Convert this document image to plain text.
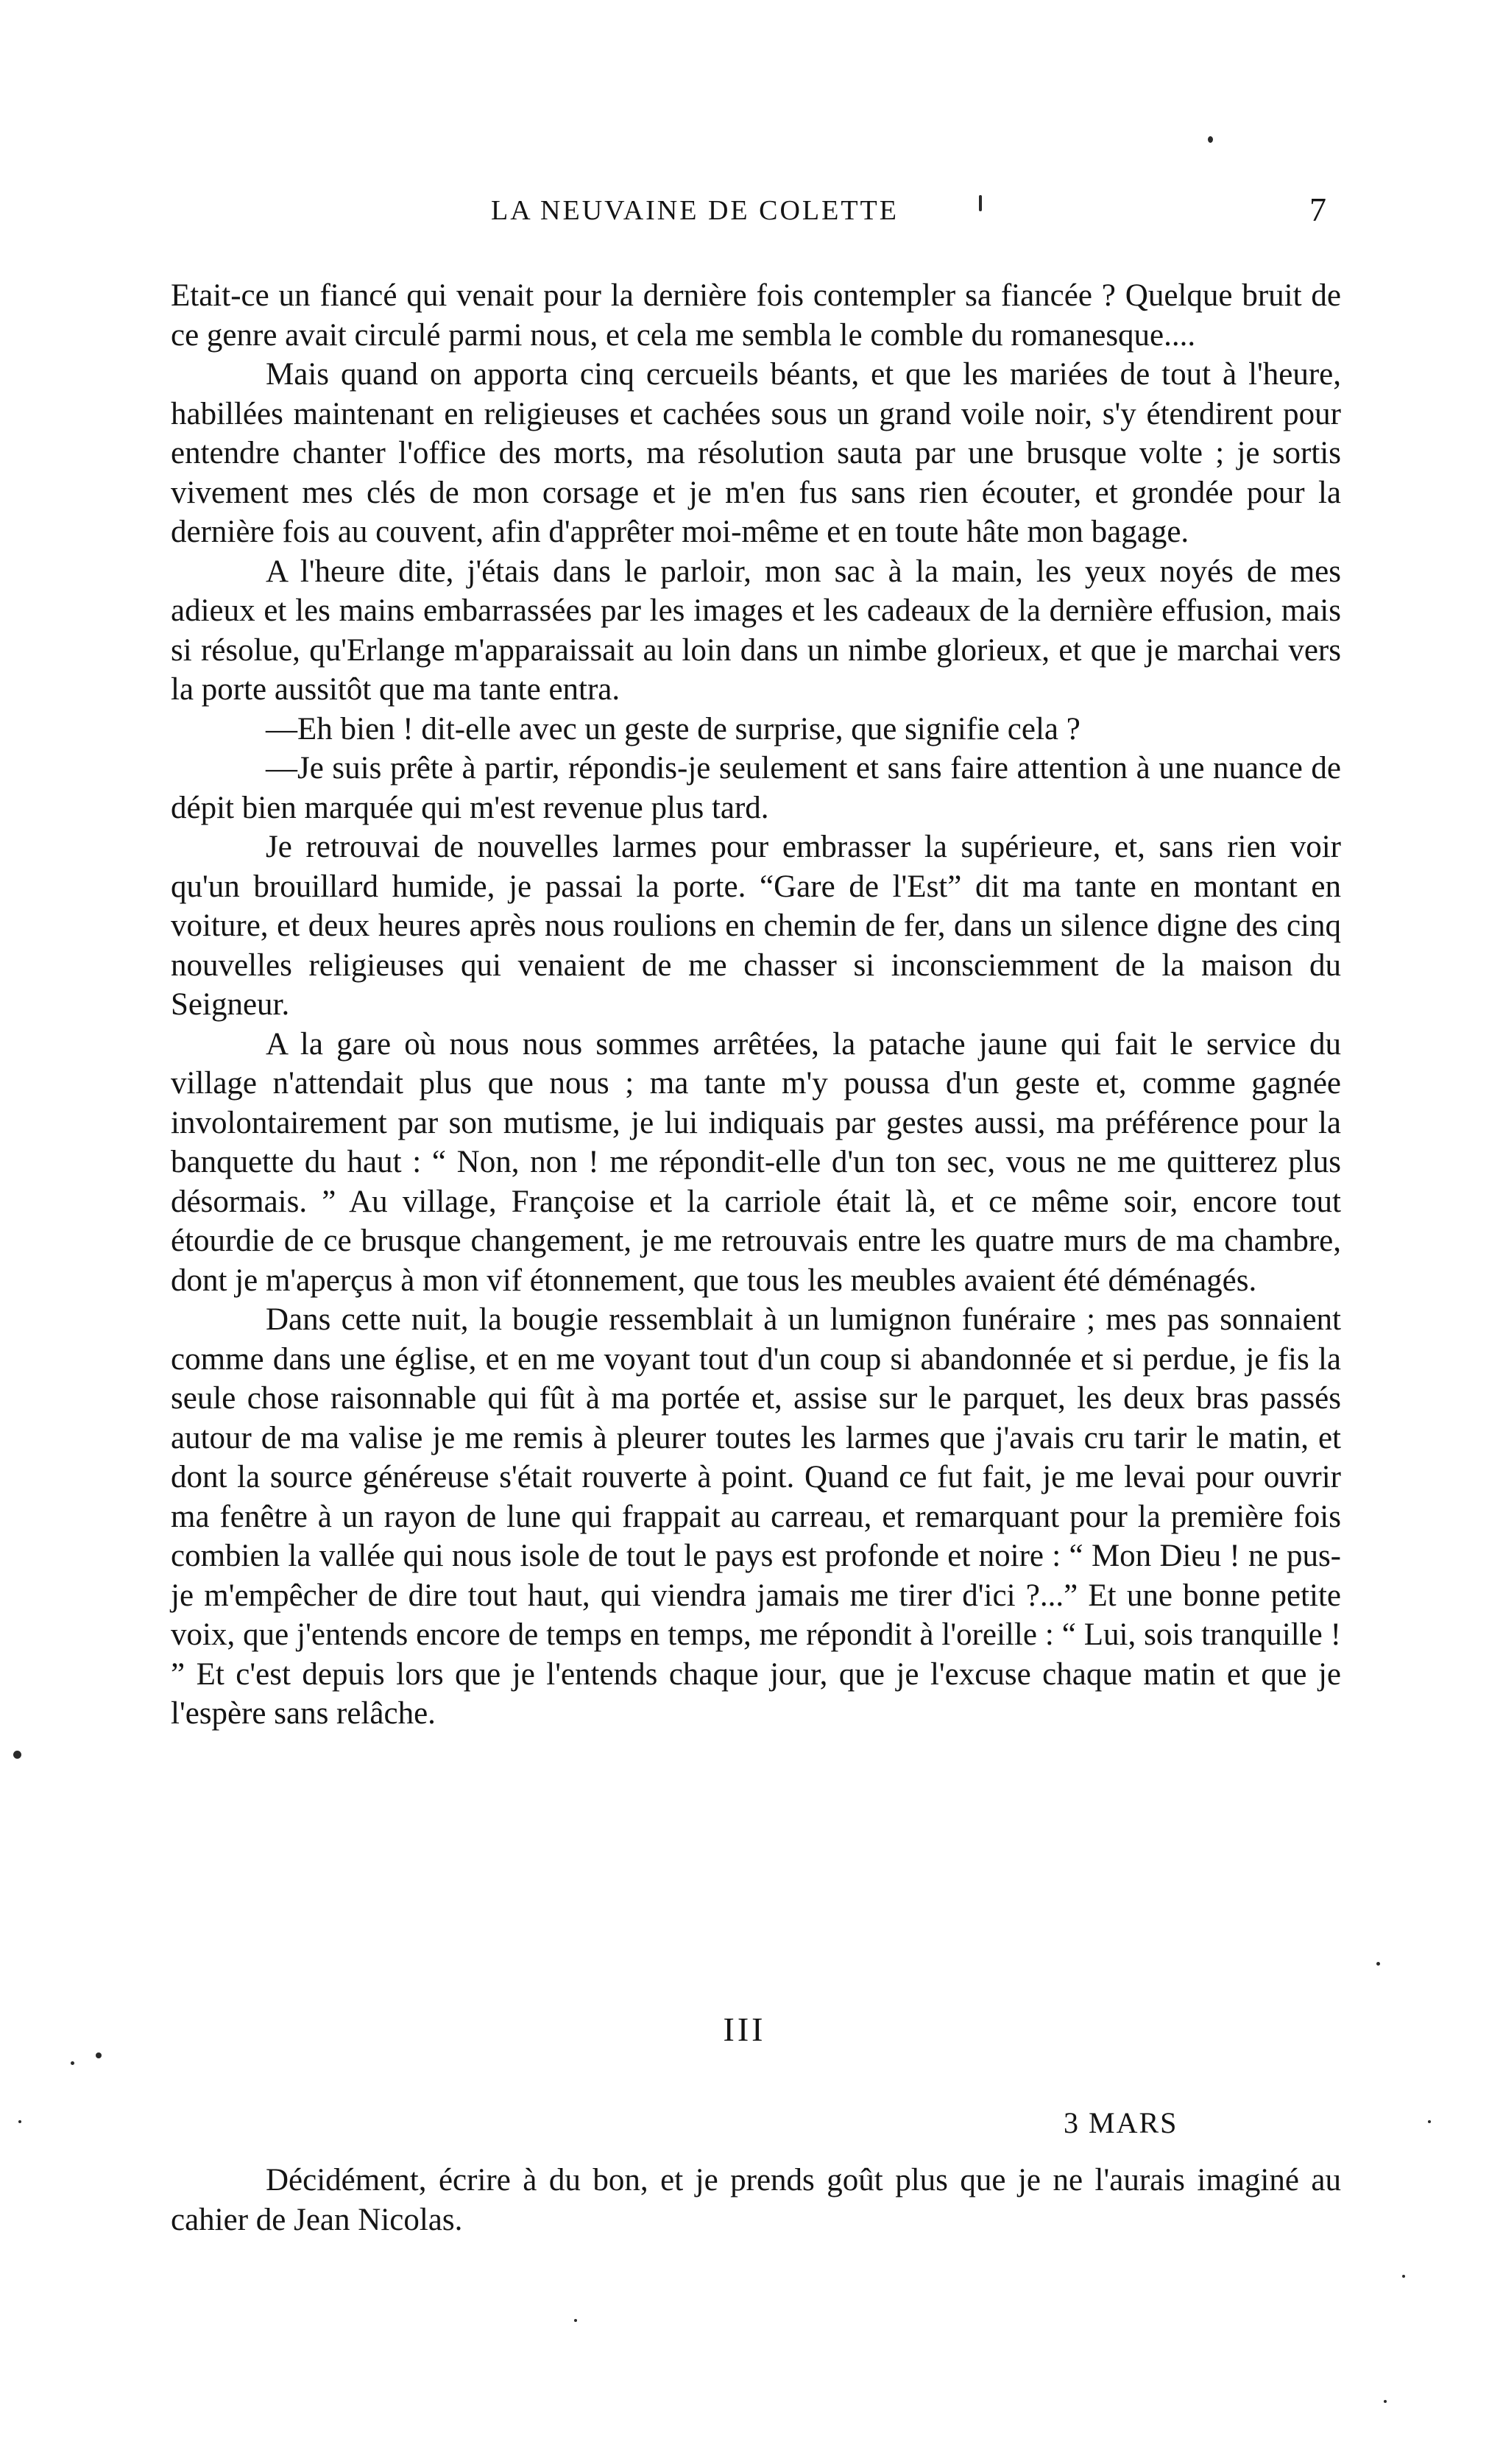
LA NEUVAINE DE COLETTE	7

Etait-ce un fiancé qui venait pour la dernière fois contempler sa fiancée ? Quelque bruit de ce genre avait circulé parmi nous, et cela me sembla le comble du romanesque....

Mais quand on apporta cinq cercueils béants, et que les mariées de tout à l'heure, habillées maintenant en religieuses et cachées sous un grand voile noir, s'y étendirent pour entendre chanter l'office des morts, ma résolution sauta par une brusque volte ; je sortis vivement mes clés de mon corsage et je m'en fus sans rien écouter, et grondée pour la dernière fois au couvent, afin d'apprêter moi-même et en toute hâte mon bagage.

A l'heure dite, j'étais dans le parloir, mon sac à la main, les yeux noyés de mes adieux et les mains embarrassées par les images et les cadeaux de la dernière effusion, mais si résolue, qu'Erlange m'apparaissait au loin dans un nimbe glorieux, et que je marchai vers la porte aussitôt que ma tante entra.

—Eh bien ! dit-elle avec un geste de surprise, que signifie cela ?

—Je suis prête à partir, répondis-je seulement et sans faire attention à une nuance de dépit bien marquée qui m'est revenue plus tard.

Je retrouvai de nouvelles larmes pour embrasser la supérieure, et, sans rien voir qu'un brouillard humide, je passai la porte. “Gare de l'Est” dit ma tante en montant en voiture, et deux heures après nous roulions en chemin de fer, dans un silence digne des cinq nouvelles religieuses qui venaient de me chasser si inconsciemment de la maison du Seigneur.

A la gare où nous nous sommes arrêtées, la patache jaune qui fait le service du village n'attendait plus que nous ; ma tante m'y poussa d'un geste et, comme gagnée involontairement par son mutisme, je lui indiquais par gestes aussi, ma préférence pour la banquette du haut : “ Non, non ! me répondit-elle d'un ton sec, vous ne me quitterez plus désormais. ” Au village, Françoise et la carriole était là, et ce même soir, encore tout étourdie de ce brusque changement, je me retrouvais entre les quatre murs de ma chambre, dont je m'aperçus à mon vif étonnement, que tous les meubles avaient été déménagés.

Dans cette nuit, la bougie ressemblait à un lumignon funéraire ; mes pas sonnaient comme dans une église, et en me voyant tout d'un coup si abandonnée et si perdue, je fis la seule chose raisonnable qui fût à ma portée et, assise sur le parquet, les deux bras passés autour de ma valise je me remis à pleurer toutes les larmes que j'avais cru tarir le matin, et dont la source généreuse s'était rouverte à point. Quand ce fut fait, je me levai pour ouvrir ma fenêtre à un rayon de lune qui frappait au carreau, et remarquant pour la première fois combien la vallée qui nous isole de tout le pays est profonde et noire : “ Mon Dieu ! ne pus-je m'empêcher de dire tout haut, qui viendra jamais me tirer d'ici ?...” Et une bonne petite voix, que j'entends encore de temps en temps, me répondit à l'oreille : “ Lui, sois tranquille ! ” Et c'est depuis lors que je l'entends chaque jour, que je l'excuse chaque matin et que je l'espère sans relâche.

III
3 MARS

Décidément, écrire à du bon, et je prends goût plus que je ne l'aurais imaginé au cahier de Jean Nicolas.
